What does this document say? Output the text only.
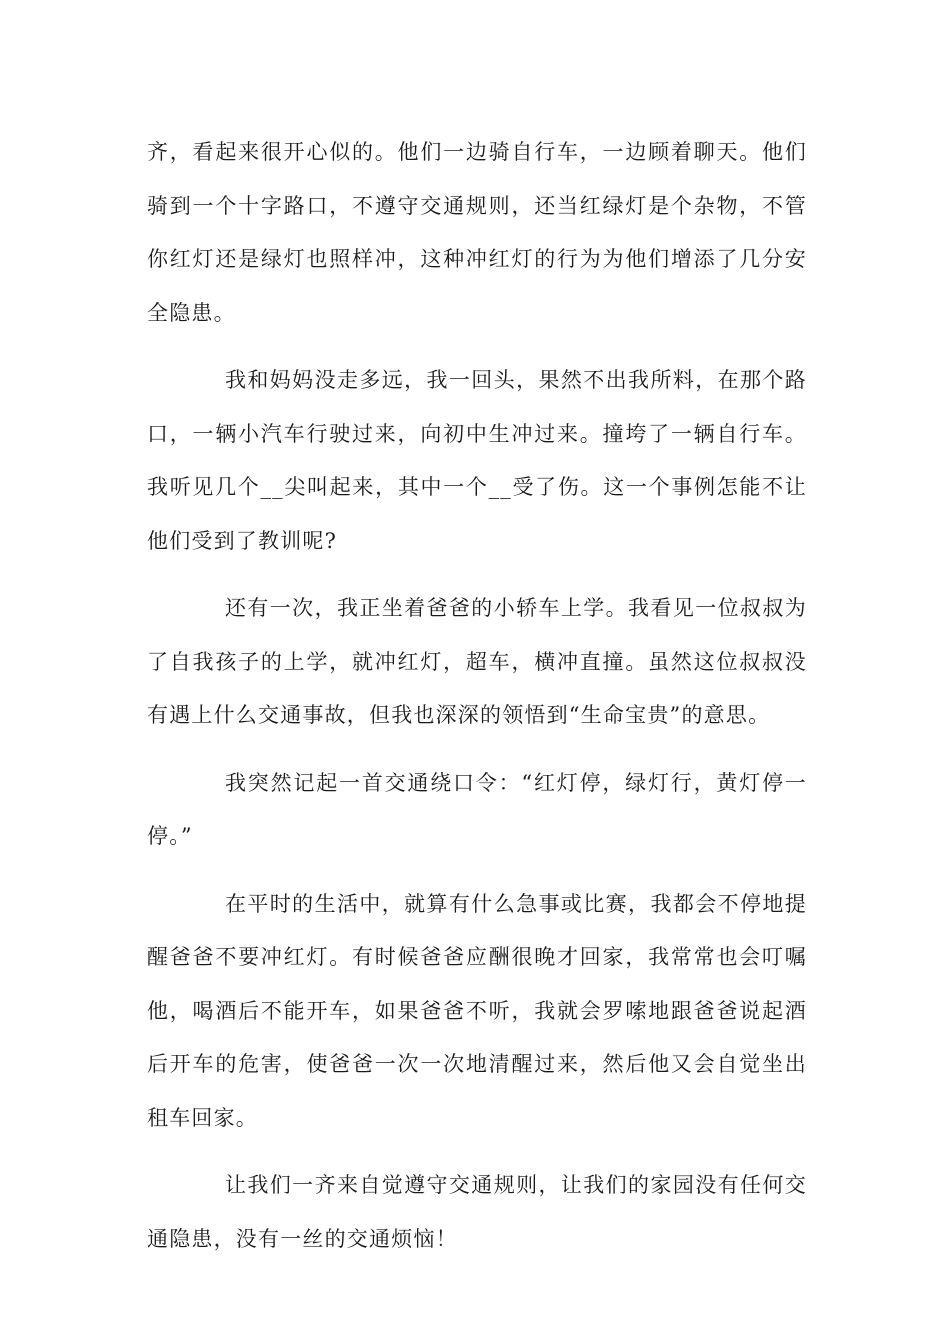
齐，看起来很开心似的。他们一边骑自行车，一边顾着聊天。他们骑到一个十字路口，不遵守交通规则，还当红绿灯是个杂物，不管你红灯还是绿灯也照样冲，这种冲红灯的行为为他们增添了几分安全隐患。

我和妈妈没走多远，我一回头，果然不出我所料，在那个路口，一辆小汽车行驶过来，向初中生冲过来。撞垮了一辆自行车。我听见几个__尖叫起来，其中一个__受了伤。这一个事例怎能不让他们受到了教训呢?

还有一次，我正坐着爸爸的小轿车上学。我看见一位叔叔为了自我孩子的上学，就冲红灯，超车，横冲直撞。虽然这位叔叔没有遇上什么交通事故，但我也深深的领悟到“生命宝贵”的意思。

我突然记起一首交通绕口令：“红灯停，绿灯行，黄灯停一停。”

在平时的生活中，就算有什么急事或比赛，我都会不停地提醒爸爸不要冲红灯。有时候爸爸应酬很晚才回家，我常常也会叮嘱他，喝酒后不能开车，如果爸爸不听，我就会罗嗦地跟爸爸说起酒后开车的危害，使爸爸一次一次地清醒过来，然后他又会自觉坐出租车回家。

让我们一齐来自觉遵守交通规则，让我们的家园没有任何交通隐患，没有一丝的交通烦恼！
